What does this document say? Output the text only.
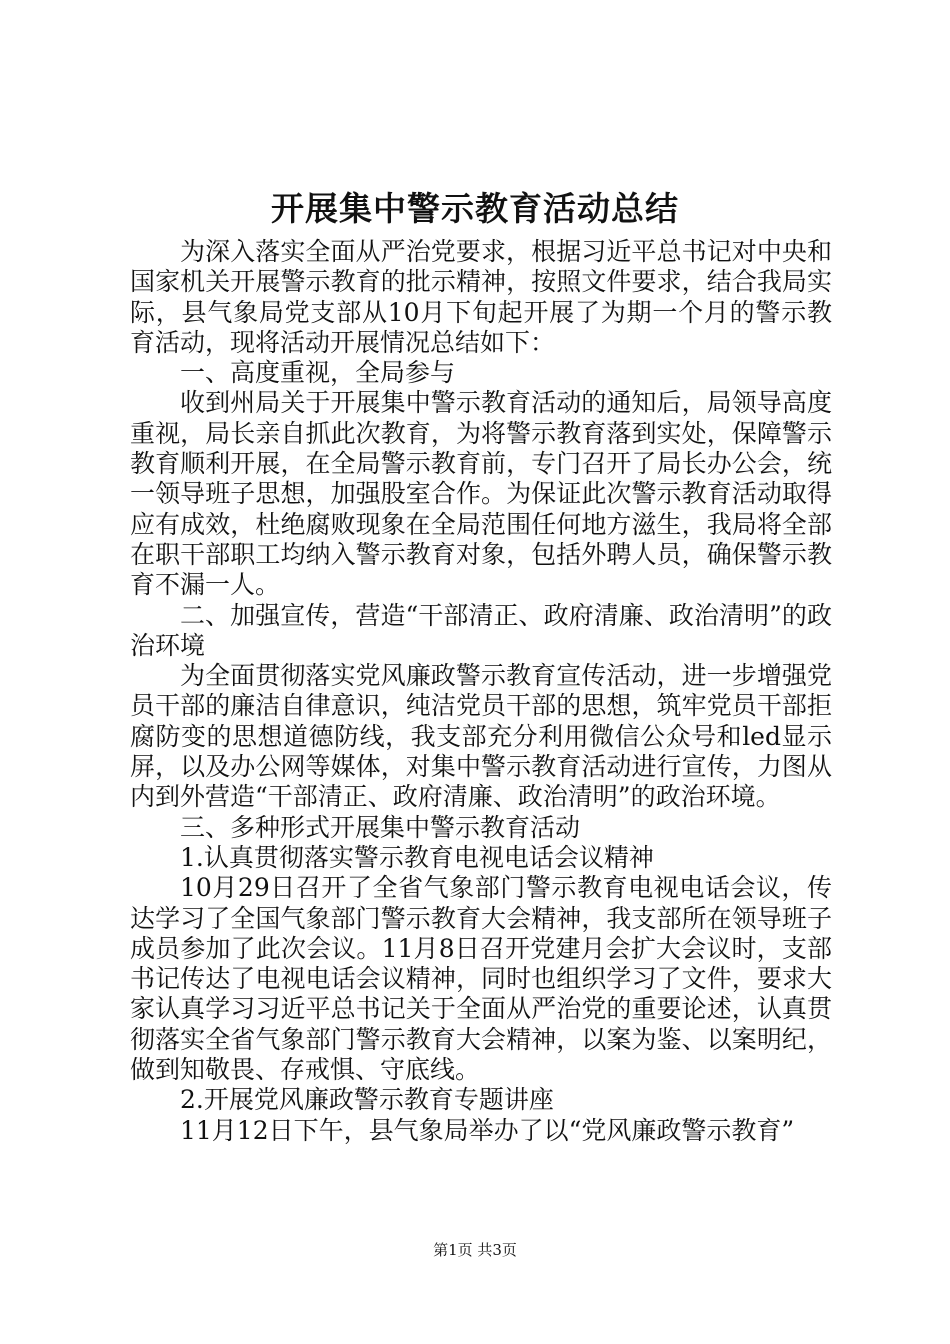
开展集中警示教育活动总结

为深入落实全面从严治党要求，根据习近平总书记对中央和国家机关开展警示教育的批示精神，按照文件要求，结合我局实际，县气象局党支部从10月下旬起开展了为期一个月的警示教育活动，现将活动开展情况总结如下：

一、高度重视，全局参与

收到州局关于开展集中警示教育活动的通知后，局领导高度重视，局长亲自抓此次教育，为将警示教育落到实处，保障警示教育顺利开展，在全局警示教育前，专门召开了局长办公会，统一领导班子思想，加强股室合作。为保证此次警示教育活动取得应有成效，杜绝腐败现象在全局范围任何地方滋生，我局将全部在职干部职工均纳入警示教育对象，包括外聘人员，确保警示教育不漏一人。

二、加强宣传，营造“干部清正、政府清廉、政治清明”的政治环境

为全面贯彻落实党风廉政警示教育宣传活动，进一步增强党员干部的廉洁自律意识，纯洁党员干部的思想，筑牢党员干部拒腐防变的思想道德防线，我支部充分利用微信公众号和led显示屏，以及办公网等媒体，对集中警示教育活动进行宣传，力图从内到外营造“干部清正、政府清廉、政治清明”的政治环境。

三、多种形式开展集中警示教育活动

1.认真贯彻落实警示教育电视电话会议精神

10月29日召开了全省气象部门警示教育电视电话会议，传达学习了全国气象部门警示教育大会精神，我支部所在领导班子成员参加了此次会议。11月8日召开党建月会扩大会议时，支部书记传达了电视电话会议精神，同时也组织学习了文件，要求大家认真学习习近平总书记关于全面从严治党的重要论述，认真贯彻落实全省气象部门警示教育大会精神，以案为鉴、以案明纪，做到知敬畏、存戒惧、守底线。

2.开展党风廉政警示教育专题讲座

11月12日下午，县气象局举办了以“党风廉政警示教育”

第1页 共3页
